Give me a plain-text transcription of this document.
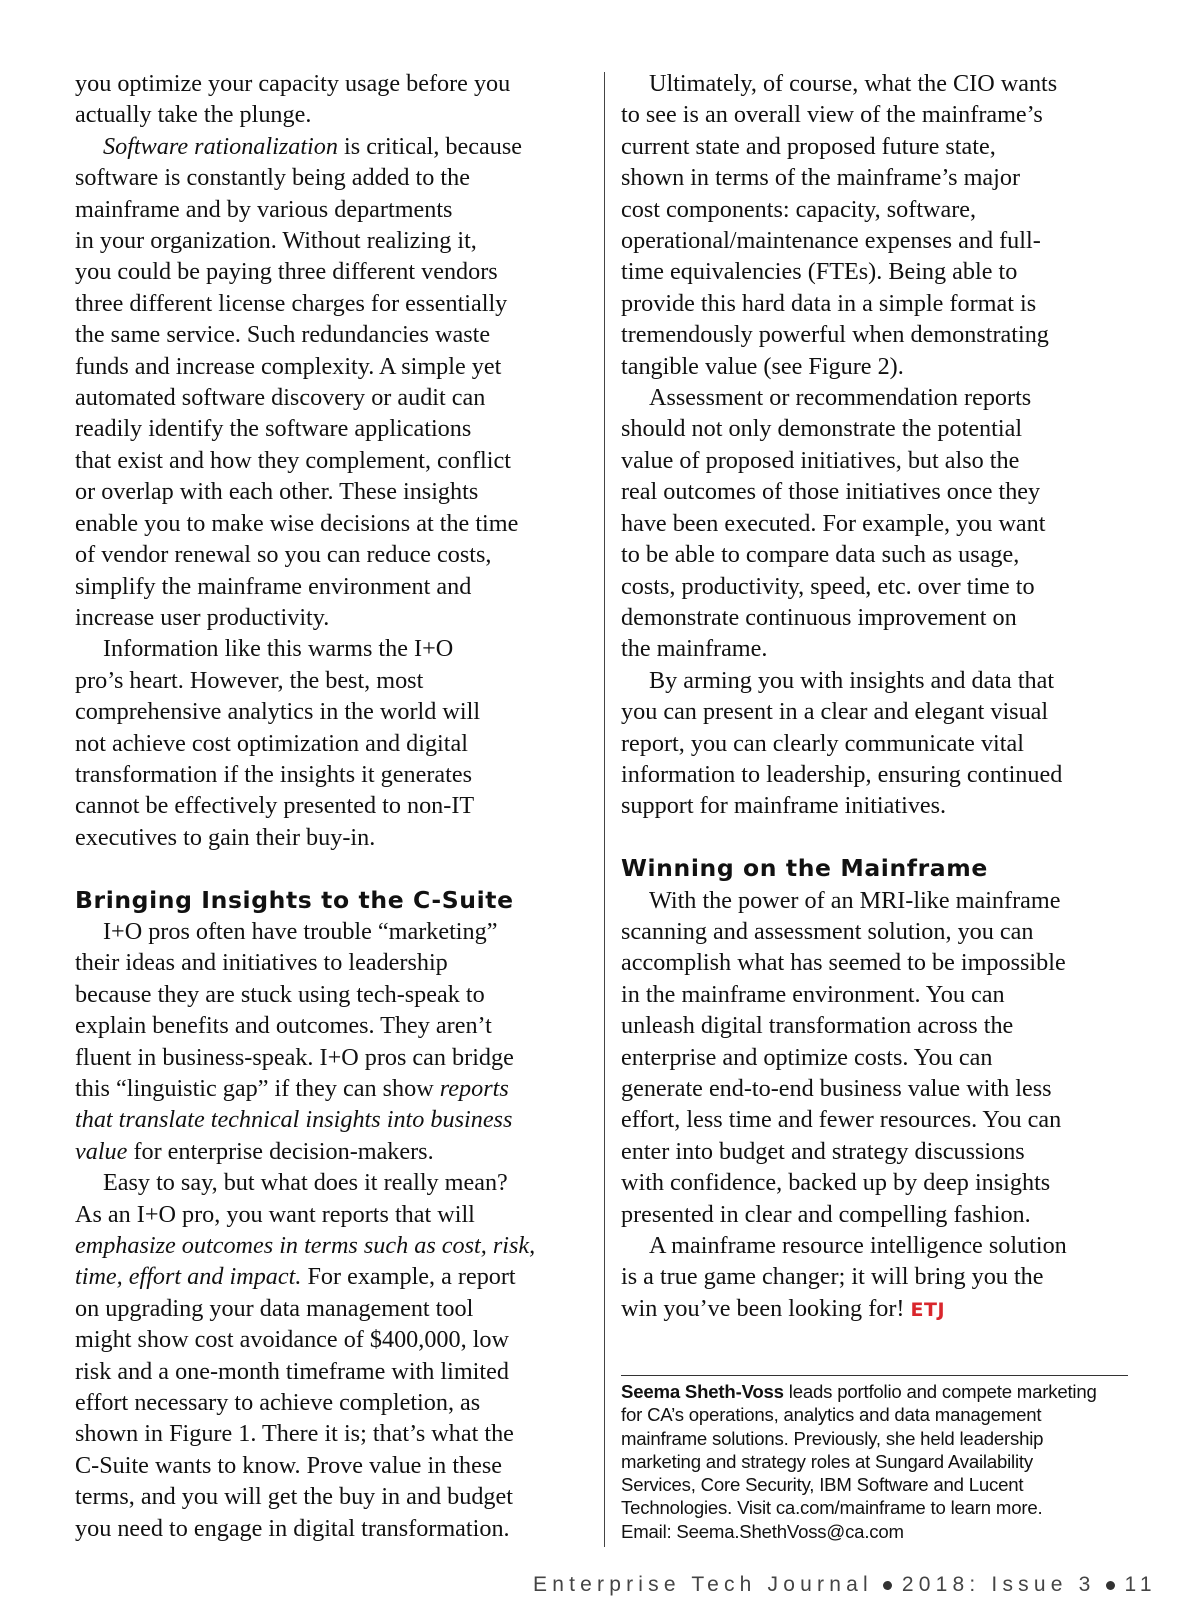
you optimize your capacity usage before you
actually take the plunge.

Software rationalization is critical, because
software is constantly being added to the
mainframe and by various departments
in your organization. Without realizing it,
you could be paying three different vendors
three different license charges for essentially
the same service. Such redundancies waste
funds and increase complexity. A simple yet
automated software discovery or audit can
readily identify the software applications
that exist and how they complement, conflict
or overlap with each other. These insights
enable you to make wise decisions at the time
of vendor renewal so you can reduce costs,
simplify the mainframe environment and
increase user productivity.

Information like this warms the I+O
pro’s heart. However, the best, most
comprehensive analytics in the world will
not achieve cost optimization and digital
transformation if the insights it generates
cannot be effectively presented to non-IT
executives to gain their buy-in.

Bringing Insights to the C-Suite

I+O pros often have trouble “marketing”
their ideas and initiatives to leadership
because they are stuck using tech-speak to
explain benefits and outcomes. They aren’t
fluent in business-speak. I+O pros can bridge
this “linguistic gap” if they can show reports
that translate technical insights into business
value for enterprise decision-makers.

Easy to say, but what does it really mean?
As an I+O pro, you want reports that will
emphasize outcomes in terms such as cost, risk,
time, effort and impact. For example, a report
on upgrading your data management tool
might show cost avoidance of $400,000, low
risk and a one-month timeframe with limited
effort necessary to achieve completion, as
shown in Figure 1. There it is; that’s what the
C-Suite wants to know. Prove value in these
terms, and you will get the buy in and budget
you need to engage in digital transformation.

Ultimately, of course, what the CIO wants
to see is an overall view of the mainframe’s
current state and proposed future state,
shown in terms of the mainframe’s major
cost components: capacity, software,
operational/maintenance expenses and full-
time equivalencies (FTEs). Being able to
provide this hard data in a simple format is
tremendously powerful when demonstrating
tangible value (see Figure 2).

Assessment or recommendation reports
should not only demonstrate the potential
value of proposed initiatives, but also the
real outcomes of those initiatives once they
have been executed. For example, you want
to be able to compare data such as usage,
costs, productivity, speed, etc. over time to
demonstrate continuous improvement on
the mainframe.

By arming you with insights and data that
you can present in a clear and elegant visual
report, you can clearly communicate vital
information to leadership, ensuring continued
support for mainframe initiatives.

Winning on the Mainframe

With the power of an MRI-like mainframe
scanning and assessment solution, you can
accomplish what has seemed to be impossible
in the mainframe environment. You can
unleash digital transformation across the
enterprise and optimize costs. You can
generate end-to-end business value with less
effort, less time and fewer resources. You can
enter into budget and strategy discussions
with confidence, backed up by deep insights
presented in clear and compelling fashion.

A mainframe resource intelligence solution
is a true game changer; it will bring you the
win you’ve been looking for! ETJ

Seema Sheth-Voss leads portfolio and compete marketing
for CA’s operations, analytics and data management
mainframe solutions. Previously, she held leadership
marketing and strategy roles at Sungard Availability
Services, Core Security, IBM Software and Lucent
Technologies. Visit ca.com/mainframe to learn more.
Email: Seema.ShethVoss@ca.com
Enterprise Tech Journal 2018: Issue 3 11
